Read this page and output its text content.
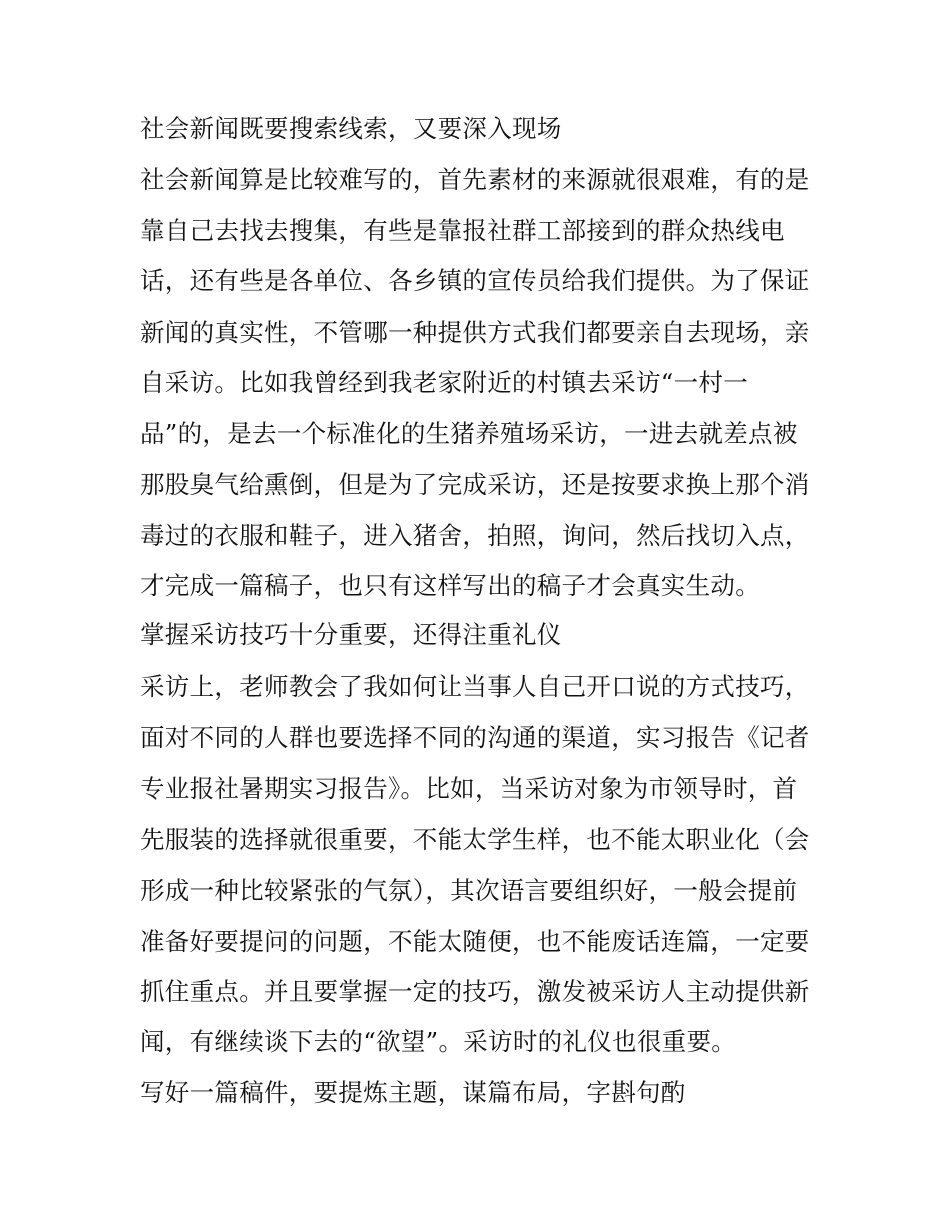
社会新闻既要搜索线索，又要深入现场

社会新闻算是比较难写的，首先素材的来源就很艰难，有的是

靠自己去找去搜集，有些是靠报社群工部接到的群众热线电

话，还有些是各单位、各乡镇的宣传员给我们提供。为了保证

新闻的真实性，不管哪一种提供方式我们都要亲自去现场，亲

自采访。比如我曾经到我老家附近的村镇去采访“一村一

品”的，是去一个标准化的生猪养殖场采访，一进去就差点被

那股臭气给熏倒，但是为了完成采访，还是按要求换上那个消

毒过的衣服和鞋子，进入猪舍，拍照，询问，然后找切入点，

才完成一篇稿子，也只有这样写出的稿子才会真实生动。

掌握采访技巧十分重要，还得注重礼仪

采访上，老师教会了我如何让当事人自己开口说的方式技巧，

面对不同的人群也要选择不同的沟通的渠道，实习报告《记者

专业报社暑期实习报告》。比如，当采访对象为市领导时，首

先服装的选择就很重要，不能太学生样，也不能太职业化（会

形成一种比较紧张的气氛），其次语言要组织好，一般会提前

准备好要提问的问题，不能太随便，也不能废话连篇，一定要

抓住重点。并且要掌握一定的技巧，激发被采访人主动提供新

闻，有继续谈下去的“欲望”。采访时的礼仪也很重要。

写好一篇稿件，要提炼主题，谋篇布局，字斟句酌
